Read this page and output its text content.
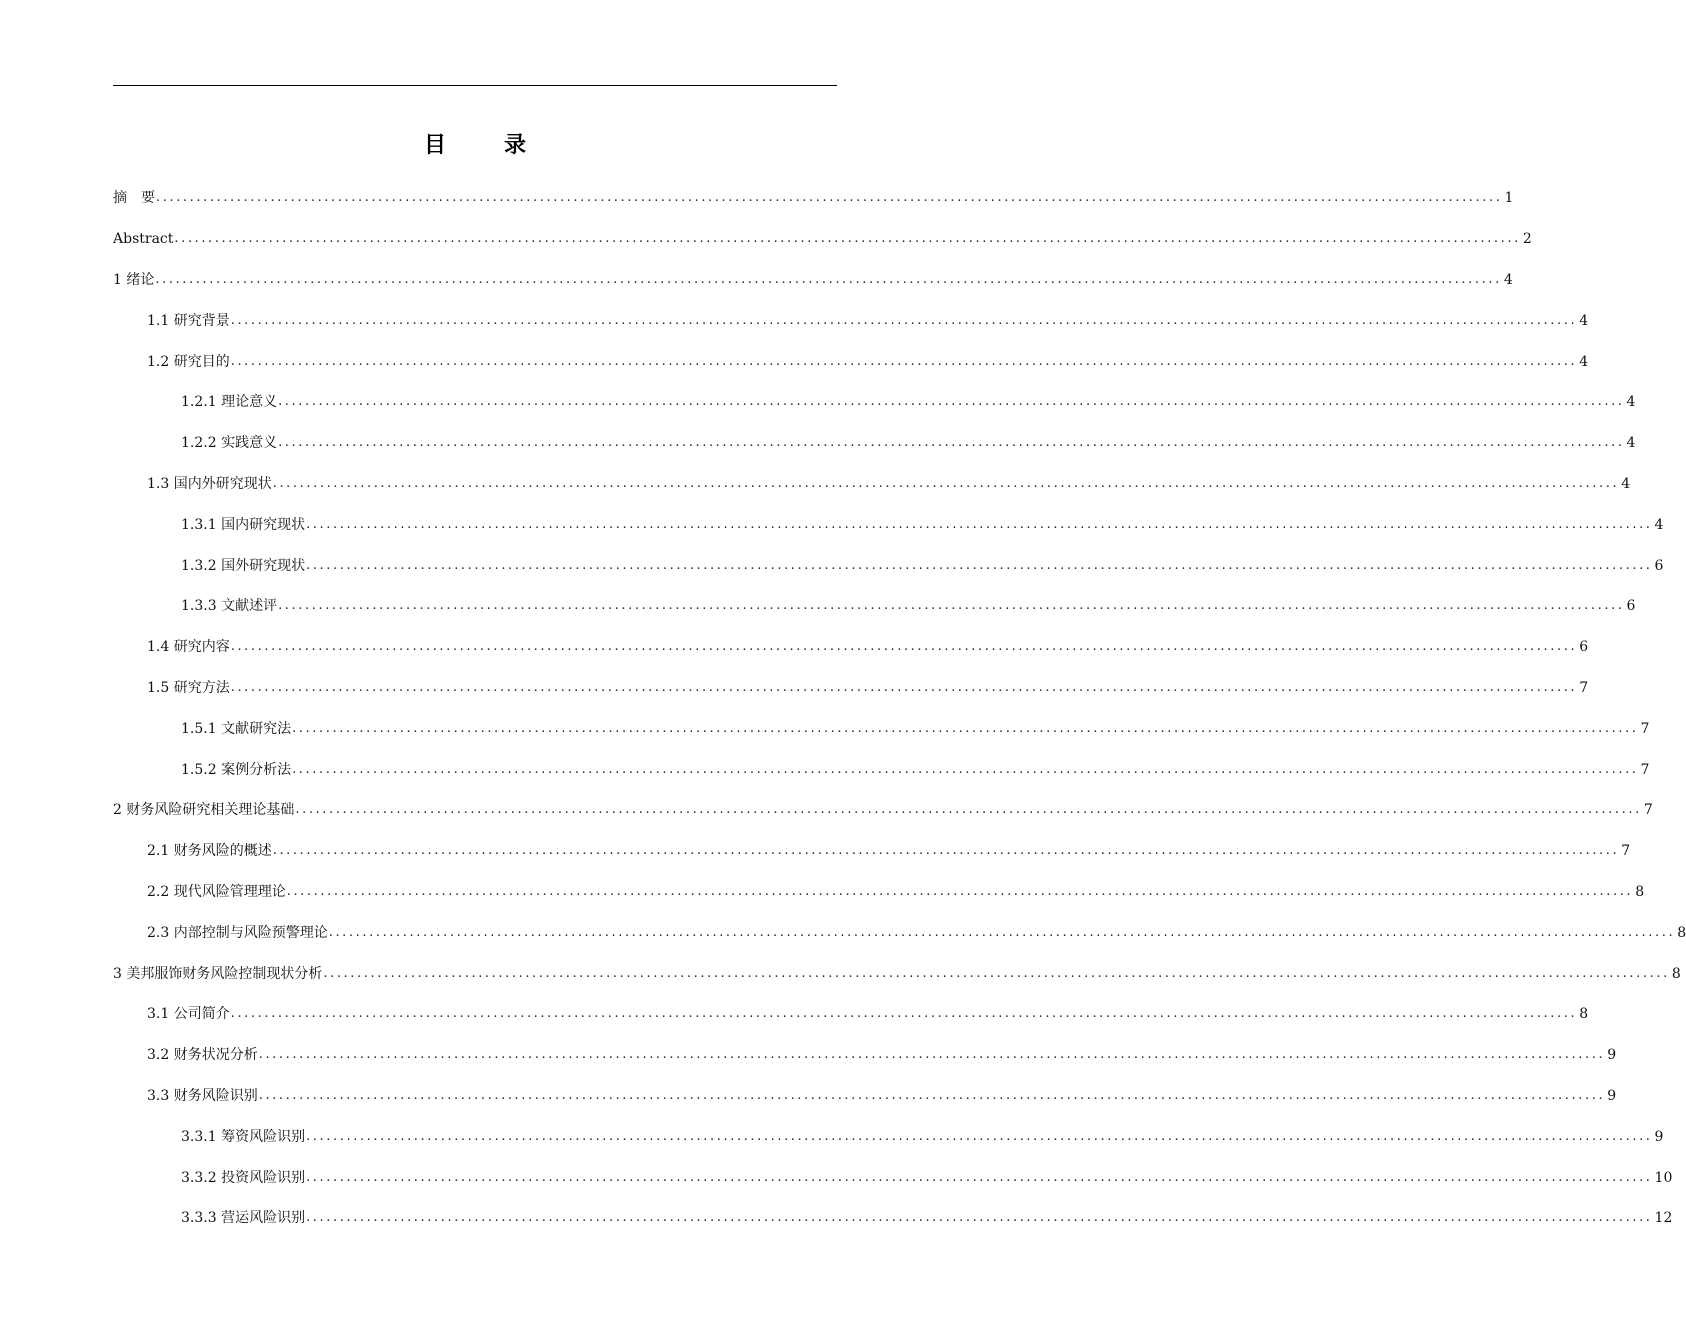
目　录
摘　要 ........................................................................................................................................................................................................ 1
Abstract ........................................................................................................................................................................................................ 2
1 绪论 ........................................................................................................................................................................................................ 4
1.1 研究背景 ........................................................................................................................................................................................................ 4
1.2 研究目的 ........................................................................................................................................................................................................ 4
1.2.1 理论意义 ........................................................................................................................................................................................................ 4
1.2.2 实践意义 ........................................................................................................................................................................................................ 4
1.3 国内外研究现状 ........................................................................................................................................................................................................ 4
1.3.1 国内研究现状 ........................................................................................................................................................................................................ 4
1.3.2 国外研究现状 ........................................................................................................................................................................................................ 6
1.3.3 文献述评 ........................................................................................................................................................................................................ 6
1.4 研究内容 ........................................................................................................................................................................................................ 6
1.5 研究方法 ........................................................................................................................................................................................................ 7
1.5.1 文献研究法 ........................................................................................................................................................................................................ 7
1.5.2 案例分析法 ........................................................................................................................................................................................................ 7
2 财务风险研究相关理论基础 ........................................................................................................................................................................................................ 7
2.1 财务风险的概述 ........................................................................................................................................................................................................ 7
2.2 现代风险管理理论 ........................................................................................................................................................................................................ 8
2.3 内部控制与风险预警理论 ........................................................................................................................................................................................................ 8
3 美邦服饰财务风险控制现状分析 ........................................................................................................................................................................................................ 8
3.1 公司简介 ........................................................................................................................................................................................................ 8
3.2 财务状况分析 ........................................................................................................................................................................................................ 9
3.3 财务风险识别 ........................................................................................................................................................................................................ 9
3.3.1 筹资风险识别 ........................................................................................................................................................................................................ 9
3.3.2 投资风险识别 ........................................................................................................................................................................................................ 10
3.3.3 营运风险识别 ........................................................................................................................................................................................................ 12
